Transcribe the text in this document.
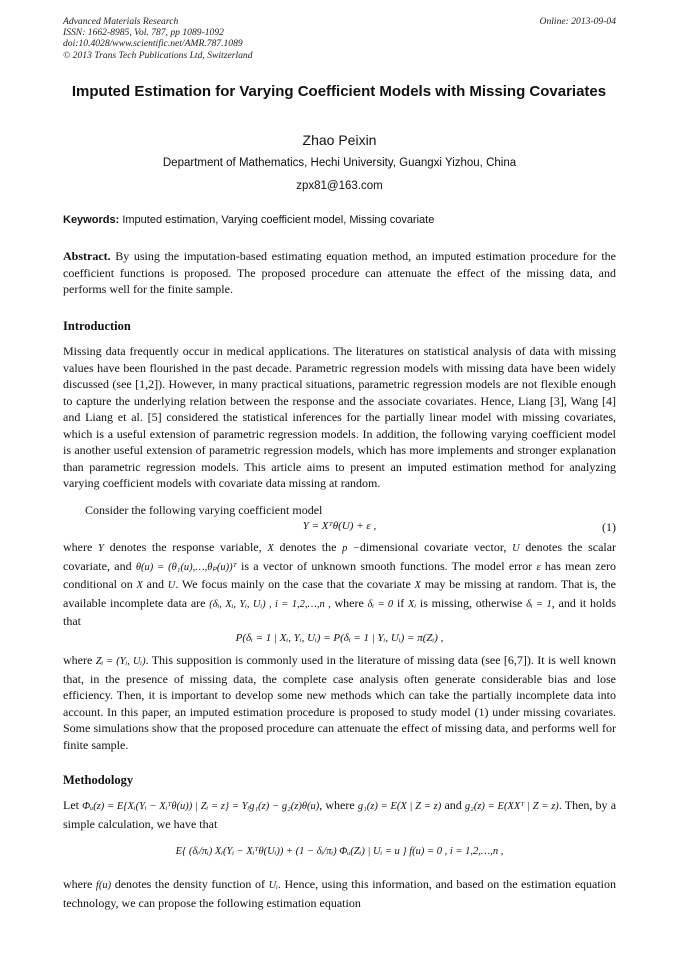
Advanced Materials Research
ISSN: 1662-8985, Vol. 787, pp 1089-1092
doi:10.4028/www.scientific.net/AMR.787.1089
© 2013 Trans Tech Publications Ltd, Switzerland
Online: 2013-09-04
Imputed Estimation for Varying Coefficient Models with Missing Covariates
Zhao Peixin
Department of Mathematics, Hechi University, Guangxi Yizhou, China
zpx81@163.com
Keywords: Imputed estimation, Varying coefficient model, Missing covariate
Abstract. By using the imputation-based estimating equation method, an imputed estimation procedure for the coefficient functions is proposed. The proposed procedure can attenuate the effect of the missing data, and performs well for the finite sample.
Introduction
Missing data frequently occur in medical applications. The literatures on statistical analysis of data with missing values have been flourished in the past decade. Parametric regression models with missing data have been widely discussed (see [1,2]). However, in many practical situations, parametric regression models are not flexible enough to capture the underlying relation between the response and the associate covariates. Hence, Liang [3], Wang [4] and Liang et al. [5] considered the statistical inferences for the partially linear model with missing covariates, which is a useful extension of parametric regression models. In addition, the following varying coefficient model is another useful extension of parametric regression models, which has more implements and stronger explanation than parametric regression models. This article aims to present an imputed estimation method for analyzing varying coefficient models with covariate data missing at random.
Consider the following varying coefficient model
Y = Xᵀθ(U) + ε ,	(1)
where Y denotes the response variable, X denotes the p −dimensional covariate vector, U denotes the scalar covariate, and θ(u) = (θ₁(u),…,θₚ(u))ᵀ is a vector of unknown smooth functions. The model error ε has mean zero conditional on X and U. We focus mainly on the case that the covariate X may be missing at random. That is, the available incomplete data are (δᵢ, Xᵢ, Yᵢ, Uᵢ) , i = 1,2,…,n , where δᵢ = 0 if Xᵢ is missing, otherwise δᵢ = 1, and it holds that
P(δᵢ = 1 | Xᵢ, Yᵢ, Uᵢ) = P(δᵢ = 1 | Yᵢ, Uᵢ) = π(Zᵢ) ,
where Zᵢ = (Yᵢ, Uᵢ). This supposition is commonly used in the literature of missing data (see [6,7]). It is well known that, in the presence of missing data, the complete case analysis often generate considerable bias and lose efficiency. Then, it is important to develop some new methods which can take the partially incomplete data into account. In this paper, an imputed estimation procedure is proposed to study model (1) under missing covariates. Some simulations show that the proposed procedure can attenuate the effect of missing data, and performs well for finite sample.
Methodology
Let Φᵤ(z) = E{Xᵢ(Yᵢ − Xᵢᵀθ(u)) | Zᵢ = z} = Yᵢg₁(z) − g₂(z)θ(u), where g₁(z) = E(X | Z = z) and g₂(z) = E(XXᵀ | Z = z). Then, by a simple calculation, we have that
E{ (δᵢ/πᵢ) Xᵢ(Yᵢ − Xᵢᵀθ(Uᵢ)) + (1 − δᵢ/πᵢ) Φᵤ(Zᵢ) | Uᵢ = u } f(u) = 0 , i = 1,2,…,n ,
where f(u) denotes the density function of Uᵢ. Hence, using this information, and based on the estimation equation technology, we can propose the following estimation equation
